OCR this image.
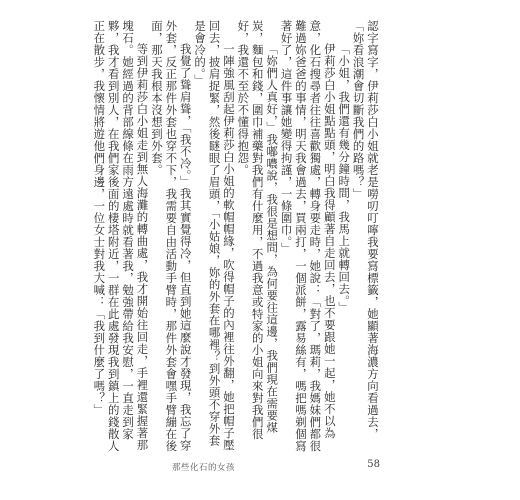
認字寫字，伊莉莎白小姐就老是嘮叨叮嚀我要寫標籤，她顯著海濃方向看過去，「妳看浪潮會切斷我們的路嗎？」

「小姐，我們還有幾分鐘時間，我馬上就轉回去。」

伊莉莎白小姐點點頭，明白我得顧著自走回去，也不要跟她一起，她不以為意，化石搜尋者往往喜歡獨處，轉身要走時，她說：「對了，瑪莉，我媽妹們都很難過妳爸爸的事情，明天我會過去，買兩打，一個派餅，露易絲有，嗎把嗎剃個寫著好了，這件事讓她變得拘謹，一條圍巾。」

「妳們人真好，」我嘟噥說，我很是想問，為何要往這邊，我們現在需要煤炭，麵包和錢，圍巾補藥對我們有什麼用，不過我意或特家的小姐向來對我們很好，我還不至於不懂得抱怨。

一陣強風刮起伊莉莎白小姐的軟帽帽緣，吹得帽子的內裡往外翻，她把帽子壓回去，披肩捉緊，然後瞇眼了眉頭，「小姑娘，妳的外套在哪裡？到外頭不穿外套是會冷的。」

我覺了聳肩聳，「我不冷。」我其實覺得冷，但直到她這麼說才發現，我忘了穿外套，反正那件外套也穿不下，我需要自由活動手臂時，那件外套會嘿手臂繃在後面，那天我根本沒想到外套。

等到伊莉莎白小姐走到無人海灘的轉曲處，我才開始往回走，手裡還緊握著那塊石。她經過的背部線條在雨方遠處時就看著我，勉強帶給我安慰，一直走到家夥，我才看到別人，在我們家後面的棲塔附近，一群在此處發現我到鎮上的錢散人正在散步，我懷情將遊他們身邊，一位女士對我大喊：「我到什麼了嗎？」

那些化石的女孩	58
